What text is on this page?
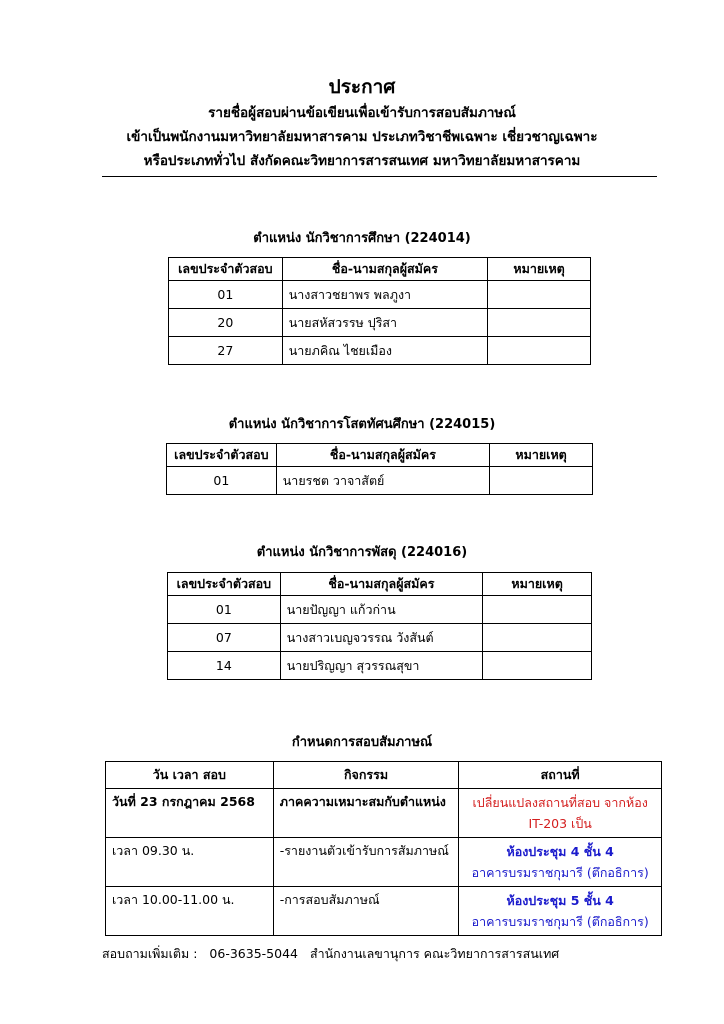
ประกาศ
รายชื่อผู้สอบผ่านข้อเขียนเพื่อเข้ารับการสอบสัมภาษณ์
เข้าเป็นพนักงานมหาวิทยาลัยมหาสารคาม ประเภทวิชาชีพเฉพาะ เชี่ยวชาญเฉพาะ
หรือประเภททั่วไป สังกัดคณะวิทยาการสารสนเทศ มหาวิทยาลัยมหาสารคาม
ตำแหน่ง นักวิชาการศึกษา (224014)
เลขประจำตัวสอบ	ชื่อ-นามสกุลผู้สมัคร	หมายเหตุ
01	นางสาวชยาพร พลภูงา	
20	นายสหัสวรรษ ปุริสา	
27	นายภคิณ ไชยเมือง	
ตำแหน่ง นักวิชาการโสตทัศนศึกษา (224015)
เลขประจำตัวสอบ	ชื่อ-นามสกุลผู้สมัคร	หมายเหตุ
01	นายรชต วาจาสัตย์	
ตำแหน่ง นักวิชาการพัสดุ (224016)
เลขประจำตัวสอบ	ชื่อ-นามสกุลผู้สมัคร	หมายเหตุ
01	นายปัญญา แก้วก่าน	
07	นางสาวเบญจวรรณ วังสันต์	
14	นายปริญญา สุวรรณสุขา	
กำหนดการสอบสัมภาษณ์
วัน เวลา สอบ	กิจกรรม	สถานที่
วันที่ 23 กรกฎาคม 2568	ภาคความเหมาะสมกับตำแหน่ง	เปลี่ยนแปลงสถานที่สอบ จากห้อง
IT-203 เป็น

เวลา 09.30 น.	-รายงานตัวเข้ารับการสัมภาษณ์	ห้องประชุม 4 ชั้น 4
อาคารบรมราชกุมารี (ตึกอธิการ)

เวลา 10.00-11.00 น.	-การสอบสัมภาษณ์	ห้องประชุม 5 ชั้น 4
อาคารบรมราชกุมารี (ตึกอธิการ)
สอบถามเพิ่มเติม : 06-3635-5044 สำนักงานเลขานุการ คณะวิทยาการสารสนเทศ
